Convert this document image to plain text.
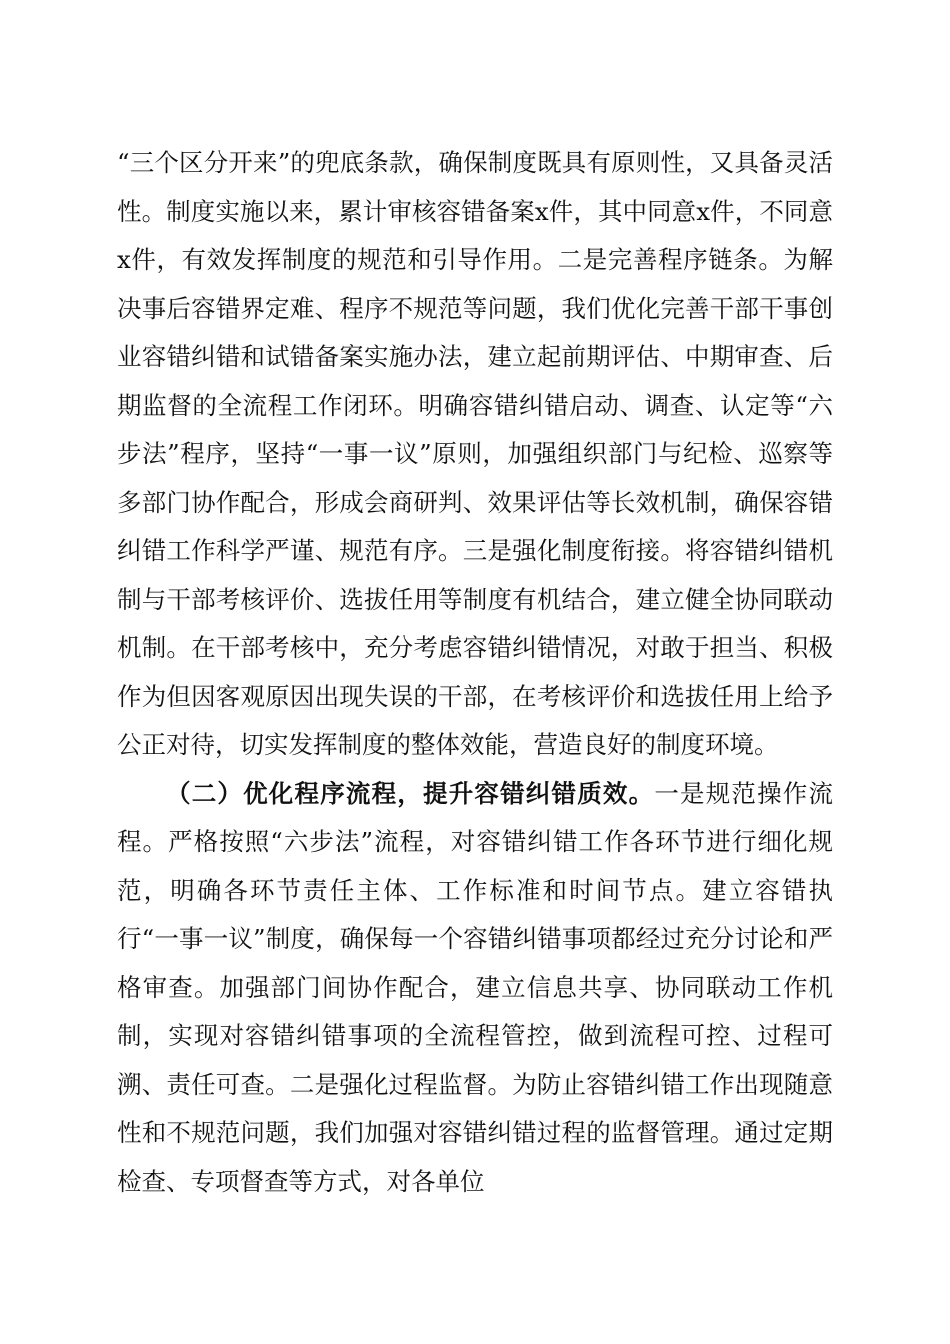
“三个区分开来”的兜底条款，确保制度既具有原则性，又具备灵活性。制度实施以来，累计审核容错备案x件，其中同意x件，不同意x件，有效发挥制度的规范和引导作用。二是完善程序链条。为解决事后容错界定难、程序不规范等问题，我们优化完善干部干事创业容错纠错和试错备案实施办法，建立起前期评估、中期审查、后期监督的全流程工作闭环。明确容错纠错启动、调查、认定等“六步法”程序，坚持“一事一议”原则，加强组织部门与纪检、巡察等多部门协作配合，形成会商研判、效果评估等长效机制，确保容错纠错工作科学严谨、规范有序。三是强化制度衔接。将容错纠错机制与干部考核评价、选拔任用等制度有机结合，建立健全协同联动机制。在干部考核中，充分考虑容错纠错情况，对敢于担当、积极作为但因客观原因出现失误的干部，在考核评价和选拔任用上给予公正对待，切实发挥制度的整体效能，营造良好的制度环境。

（二）优化程序流程，提升容错纠错质效。一是规范操作流程。严格按照“六步法”流程，对容错纠错工作各环节进行细化规范，明确各环节责任主体、工作标准和时间节点。建立容错执行“一事一议”制度，确保每一个容错纠错事项都经过充分讨论和严格审查。加强部门间协作配合，建立信息共享、协同联动工作机制，实现对容错纠错事项的全流程管控，做到流程可控、过程可溯、责任可查。二是强化过程监督。为防止容错纠错工作出现随意性和不规范问题，我们加强对容错纠错过程的监督管理。通过定期检查、专项督查等方式，对各单位
